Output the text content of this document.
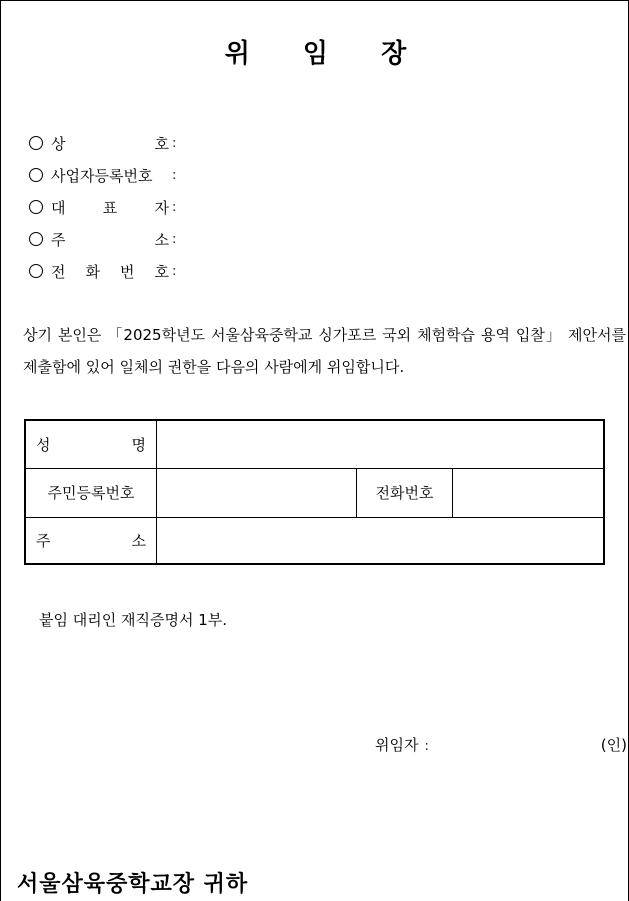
위 임 장
상	호 :
사업자등록번호	:
대 표 자 :
주	소 :
전 화 번 호 :
상기 본인은 「2025학년도 서울삼육중학교 싱가포르 국외 체험학습 용역 입찰」 제안서를 제출함에 있어 일체의 권한을 다음의 사람에게 위임합니다.
성 명			

주민등록번호		전화번호	

주 소			

붙임 대리인 재직증명서 1부.
위임자 :	(인)
서울삼육중학교장 귀하
